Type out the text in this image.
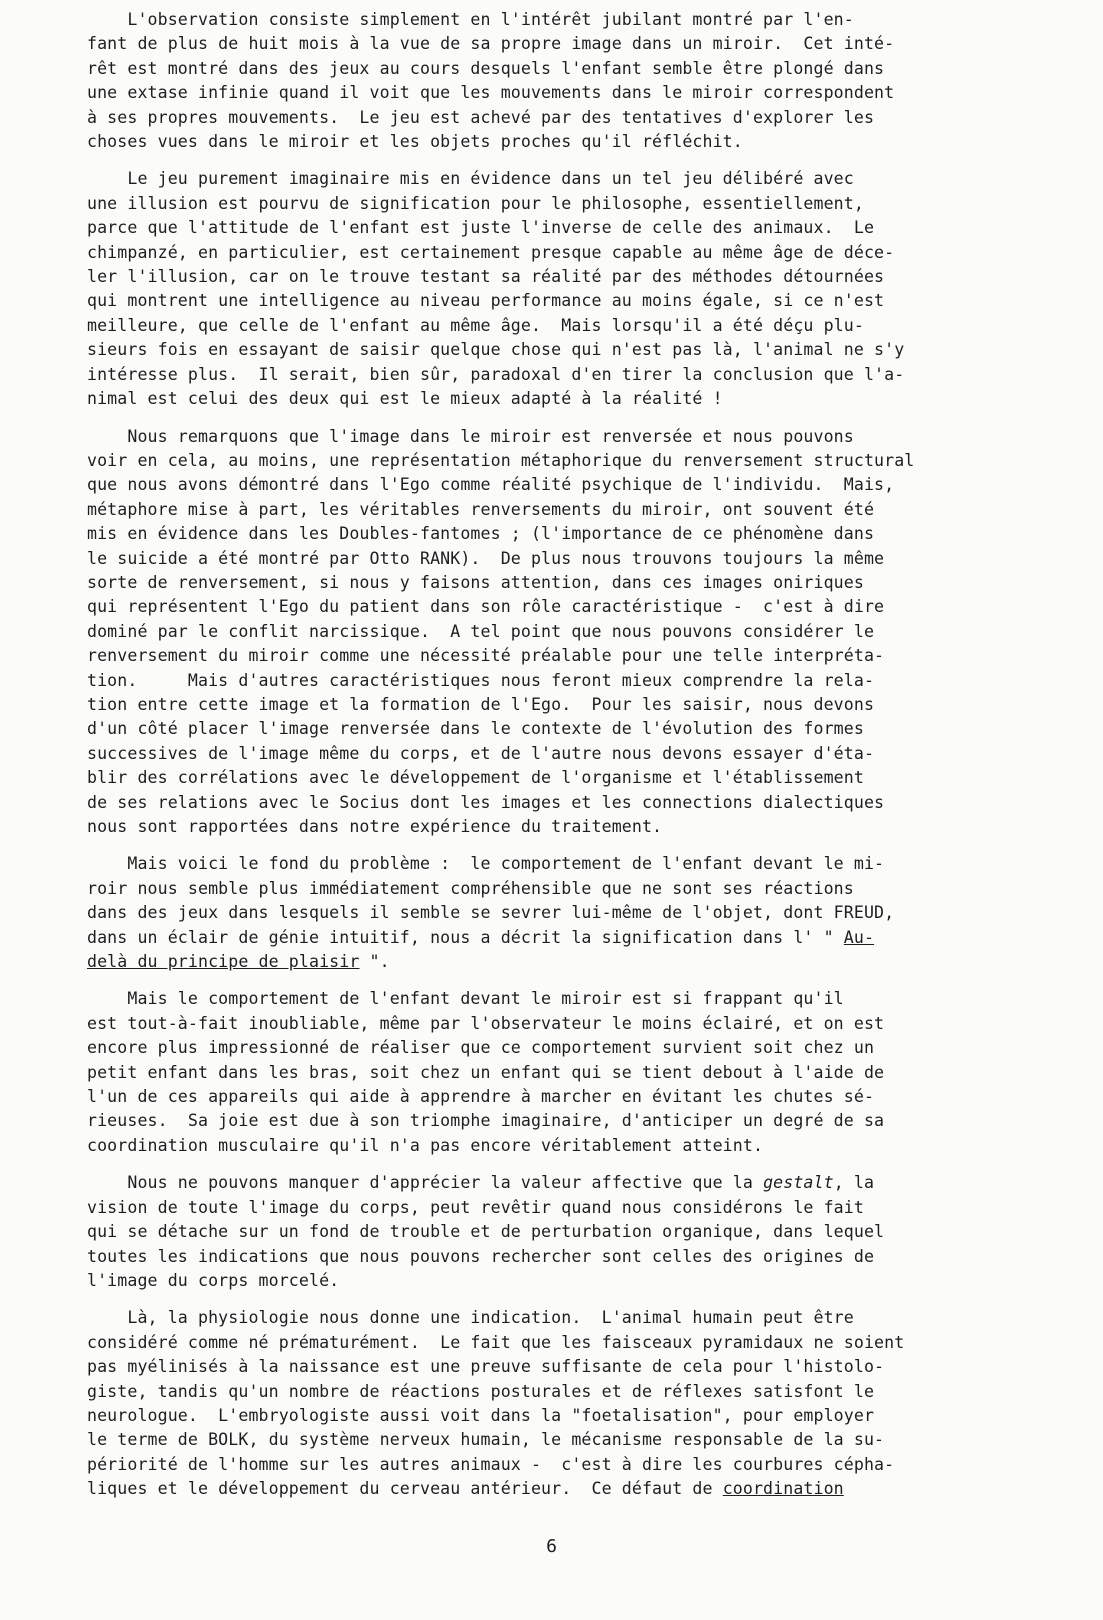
L'observation consiste simplement en l'intérêt jubilant montré par l'en-
fant de plus de huit mois à la vue de sa propre image dans un miroir.  Cet inté-
rêt est montré dans des jeux au cours desquels l'enfant semble être plongé dans
une extase infinie quand il voit que les mouvements dans le miroir correspondent
à ses propres mouvements.  Le jeu est achevé par des tentatives d'explorer les
choses vues dans le miroir et les objets proches qu'il réfléchit.
Le jeu purement imaginaire mis en évidence dans un tel jeu délibéré avec
une illusion est pourvu de signification pour le philosophe, essentiellement,
parce que l'attitude de l'enfant est juste l'inverse de celle des animaux.  Le
chimpanzé, en particulier, est certainement presque capable au même âge de déce-
ler l'illusion, car on le trouve testant sa réalité par des méthodes détournées
qui montrent une intelligence au niveau performance au moins égale, si ce n'est
meilleure, que celle de l'enfant au même âge.  Mais lorsqu'il a été déçu plu-
sieurs fois en essayant de saisir quelque chose qui n'est pas là, l'animal ne s'y
intéresse plus.  Il serait, bien sûr, paradoxal d'en tirer la conclusion que l'a-
nimal est celui des deux qui est le mieux adapté à la réalité !
Nous remarquons que l'image dans le miroir est renversée et nous pouvons
voir en cela, au moins, une représentation métaphorique du renversement structural
que nous avons démontré dans l'Ego comme réalité psychique de l'individu.  Mais,
métaphore mise à part, les véritables renversements du miroir, ont souvent été
mis en évidence dans les Doubles-fantomes ; (l'importance de ce phénomène dans
le suicide a été montré par Otto RANK).  De plus nous trouvons toujours la même
sorte de renversement, si nous y faisons attention, dans ces images oniriques
qui représentent l'Ego du patient dans son rôle caractéristique -  c'est à dire
dominé par le conflit narcissique.  A tel point que nous pouvons considérer le
renversement du miroir comme une nécessité préalable pour une telle interpréta-
tion.     Mais d'autres caractéristiques nous feront mieux comprendre la rela-
tion entre cette image et la formation de l'Ego.  Pour les saisir, nous devons
d'un côté placer l'image renversée dans le contexte de l'évolution des formes
successives de l'image même du corps, et de l'autre nous devons essayer d'éta-
blir des corrélations avec le développement de l'organisme et l'établissement
de ses relations avec le Socius dont les images et les connections dialectiques
nous sont rapportées dans notre expérience du traitement.
Mais voici le fond du problème :  le comportement de l'enfant devant le mi-
roir nous semble plus immédiatement compréhensible que ne sont ses réactions
dans des jeux dans lesquels il semble se sevrer lui-même de l'objet, dont FREUD,
dans un éclair de génie intuitif, nous a décrit la signification dans l' " Au-
delà du principe de plaisir ".
Mais le comportement de l'enfant devant le miroir est si frappant qu'il
est tout-à-fait inoubliable, même par l'observateur le moins éclairé, et on est
encore plus impressionné de réaliser que ce comportement survient soit chez un
petit enfant dans les bras, soit chez un enfant qui se tient debout à l'aide de
l'un de ces appareils qui aide à apprendre à marcher en évitant les chutes sé-
rieuses.  Sa joie est due à son triomphe imaginaire, d'anticiper un degré de sa
coordination musculaire qu'il n'a pas encore véritablement atteint.
Nous ne pouvons manquer d'apprécier la valeur affective que la gestalt, la
vision de toute l'image du corps, peut revêtir quand nous considérons le fait
qui se détache sur un fond de trouble et de perturbation organique, dans lequel
toutes les indications que nous pouvons rechercher sont celles des origines de
l'image du corps morcelé.
Là, la physiologie nous donne une indication.  L'animal humain peut être
considéré comme né prématurément.  Le fait que les faisceaux pyramidaux ne soient
pas myélinisés à la naissance est une preuve suffisante de cela pour l'histolo-
giste, tandis qu'un nombre de réactions posturales et de réflexes satisfont le
neurologue.  L'embryologiste aussi voit dans la "foetalisation", pour employer
le terme de BOLK, du système nerveux humain, le mécanisme responsable de la su-
périorité de l'homme sur les autres animaux -  c'est à dire les courbures cépha-
liques et le développement du cerveau antérieur.  Ce défaut de coordination
6
